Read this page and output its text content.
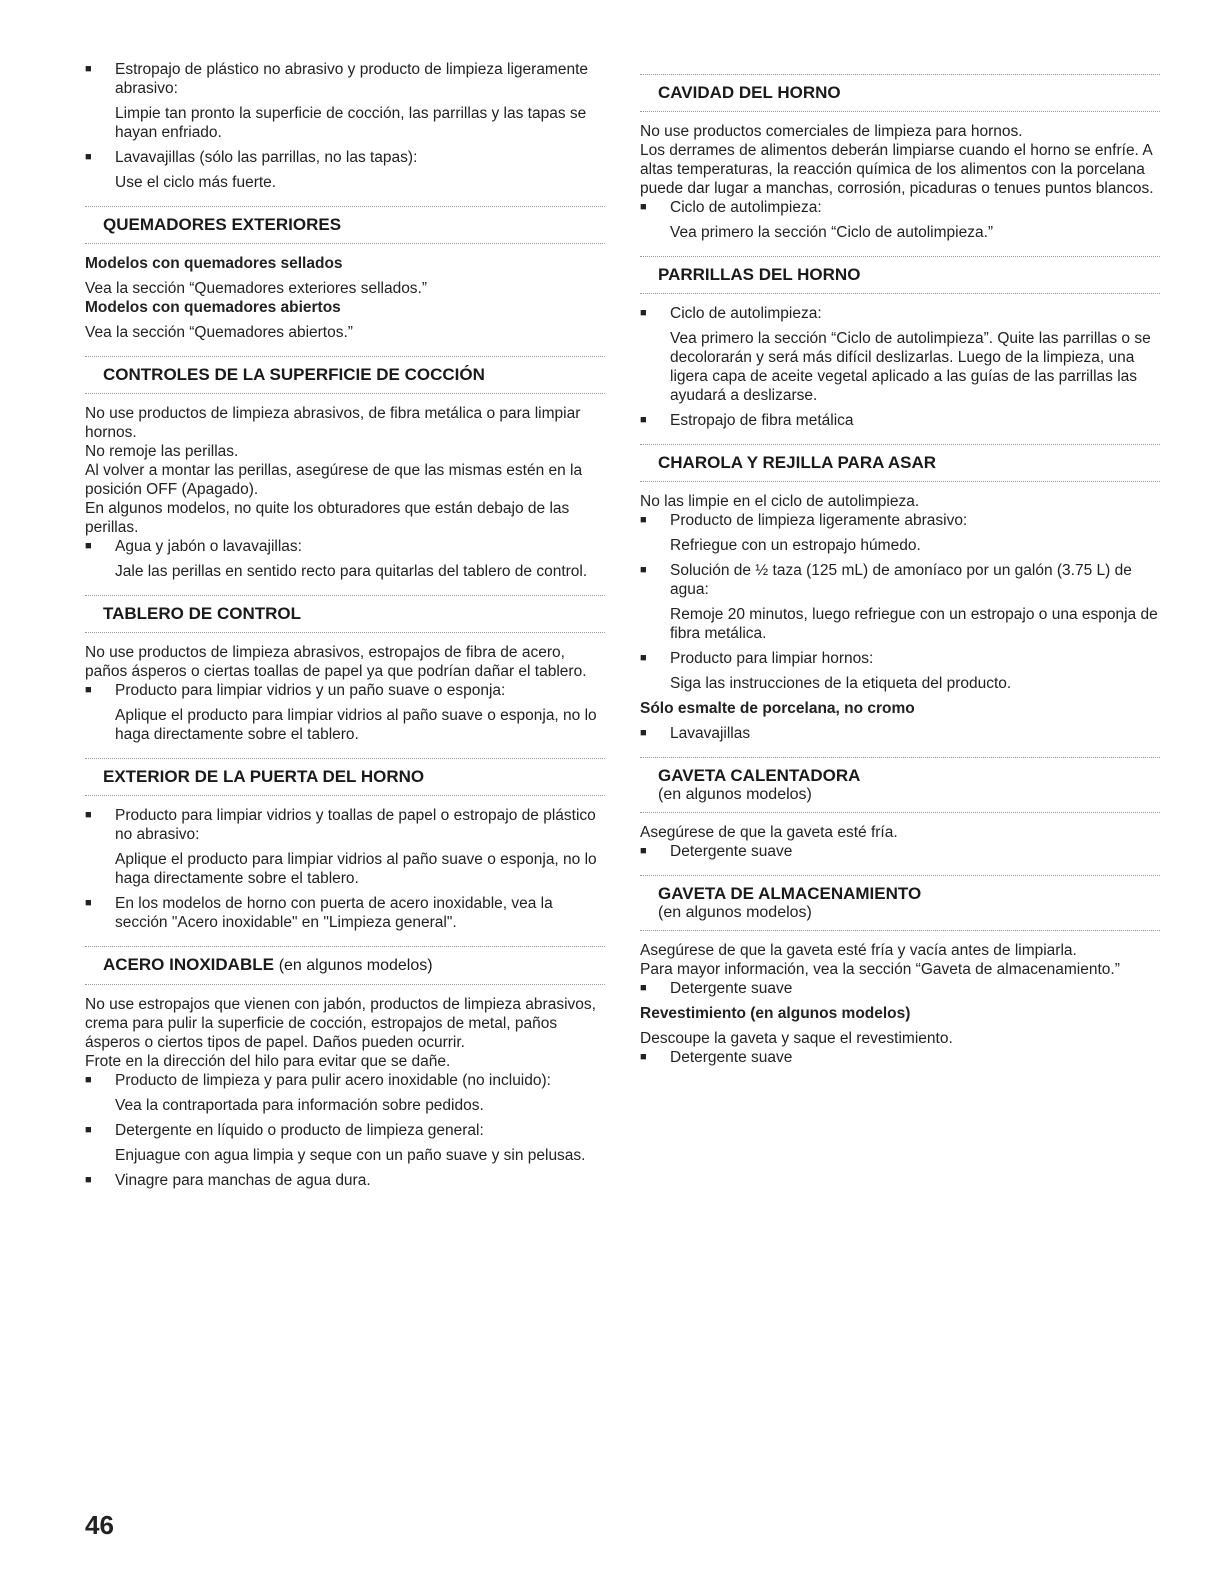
■ Estropajo de plástico no abrasivo y producto de limpieza ligeramente abrasivo:
Limpie tan pronto la superficie de cocción, las parrillas y las tapas se hayan enfriado.
■ Lavavajillas (sólo las parrillas, no las tapas):
Use el ciclo más fuerte.
QUEMADORES EXTERIORES
Modelos con quemadores sellados
Vea la sección “Quemadores exteriores sellados.”
Modelos con quemadores abiertos
Vea la sección “Quemadores abiertos.”
CONTROLES DE LA SUPERFICIE DE COCCIÓN
No use productos de limpieza abrasivos, de fibra metálica o para limpiar hornos.
No remoje las perillas.
Al volver a montar las perillas, asegúrese de que las mismas estén en la posición OFF (Apagado).
En algunos modelos, no quite los obturadores que están debajo de las perillas.
■ Agua y jabón o lavavajillas:
Jale las perillas en sentido recto para quitarlas del tablero de control.
TABLERO DE CONTROL
No use productos de limpieza abrasivos, estropajos de fibra de acero, paños ásperos o ciertas toallas de papel ya que podrían dañar el tablero.
■ Producto para limpiar vidrios y un paño suave o esponja:
Aplique el producto para limpiar vidrios al paño suave o esponja, no lo haga directamente sobre el tablero.
EXTERIOR DE LA PUERTA DEL HORNO
■ Producto para limpiar vidrios y toallas de papel o estropajo de plástico no abrasivo:
Aplique el producto para limpiar vidrios al paño suave o esponja, no lo haga directamente sobre el tablero.
■ En los modelos de horno con puerta de acero inoxidable, vea la sección "Acero inoxidable" en "Limpieza general".
ACERO INOXIDABLE (en algunos modelos)
No use estropajos que vienen con jabón, productos de limpieza abrasivos, crema para pulir la superficie de cocción, estropajos de metal, paños ásperos o ciertos tipos de papel. Daños pueden ocurrir.
Frote en la dirección del hilo para evitar que se dañe.
■ Producto de limpieza y para pulir acero inoxidable (no incluido):
Vea la contraportada para información sobre pedidos.
■ Detergente en líquido o producto de limpieza general:
Enjuague con agua limpia y seque con un paño suave y sin pelusas.
■ Vinagre para manchas de agua dura.
CAVIDAD DEL HORNO
No use productos comerciales de limpieza para hornos.
Los derrames de alimentos deberán limpiarse cuando el horno se enfríe. A altas temperaturas, la reacción química de los alimentos con la porcelana puede dar lugar a manchas, corrosión, picaduras o tenues puntos blancos.
■ Ciclo de autolimpieza:
Vea primero la sección “Ciclo de autolimpieza.”
PARRILLAS DEL HORNO
■ Ciclo de autolimpieza:
Vea primero la sección “Ciclo de autolimpieza”. Quite las parrillas o se decolorarán y será más difícil deslizarlas. Luego de la limpieza, una ligera capa de aceite vegetal aplicado a las guías de las parrillas las ayudará a deslizarse.
■ Estropajo de fibra metálica
CHAROLA Y REJILLA PARA ASAR
No las limpie en el ciclo de autolimpieza.
■ Producto de limpieza ligeramente abrasivo:
Refriegue con un estropajo húmedo.
■ Solución de ½ taza (125 mL) de amoníaco por un galón (3.75 L) de agua:
Remoje 20 minutos, luego refriegue con un estropajo o una esponja de fibra metálica.
■ Producto para limpiar hornos:
Siga las instrucciones de la etiqueta del producto.
Sólo esmalte de porcelana, no cromo
■ Lavavajillas
GAVETA CALENTADORA
(en algunos modelos)
Asegúrese de que la gaveta esté fría.
■ Detergente suave
GAVETA DE ALMACENAMIENTO
(en algunos modelos)
Asegúrese de que la gaveta esté fría y vacía antes de limpiarla.
Para mayor información, vea la sección “Gaveta de almacenamiento.”
■ Detergente suave
Revestimiento (en algunos modelos)
Descoupe la gaveta y saque el revestimiento.
■ Detergente suave
46
